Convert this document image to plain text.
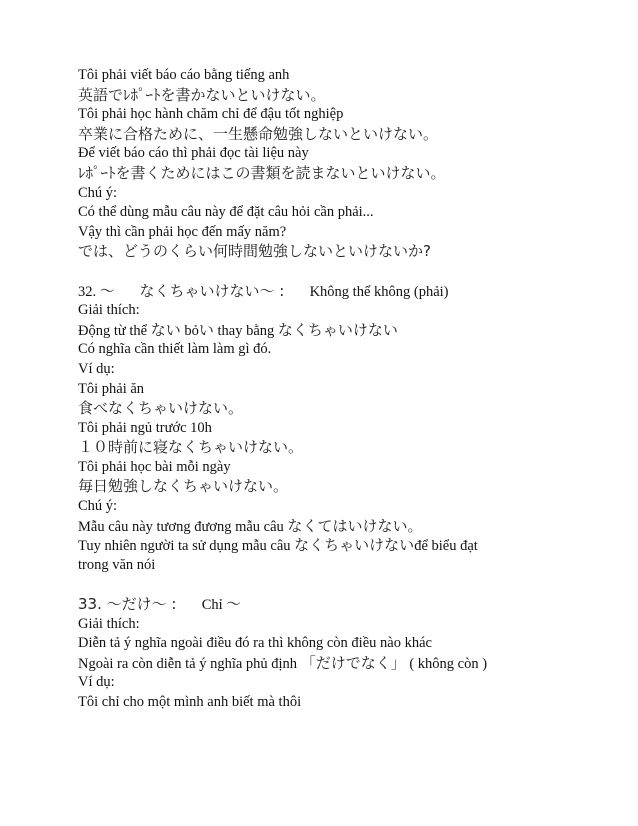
Tôi phải viết báo cáo bằng tiếng anh
英語でﾚﾎﾟｰﾄを書かないといけない。
Tôi phải học hành chăm chỉ để đậu tốt nghiệp
卒業に合格ために、一生懸命勉強しないといけない。
Để viết báo cáo thì phải đọc tài liệu này
ﾚﾎﾟｰﾄを書くためにはこの書類を読まないといけない。
Chú ý:
Có thể dùng mẫu câu này để đặt câu hỏi cần phải...
Vậy thì cần phải học đến mấy năm?
では、どうのくらい何時間勉強しないといけないか?
32. ～ なくちゃいけない～ : Không thể không (phải)
Giải thích:
Động từ thể ない bỏい thay bằng なくちゃいけない
Có nghĩa cần thiết làm làm gì đó.
Ví dụ:
Tôi phải ăn
食べなくちゃいけない。
Tôi phải ngủ trước 10h
１０時前に寝なくちゃいけない。
Tôi phải học bài mỗi ngày
毎日勉強しなくちゃいけない。
Chú ý:
Mẫu câu này tương đương mẫu câu なくてはいけない。
Tuy nhiên người ta sử dụng mẫu câu なくちゃいけないđể biểu đạt
trong văn nói
33. ～だけ～ : Chỉ ～
Giải thích:
Diễn tả ý nghĩa ngoài điều đó ra thì không còn điều nào khác
Ngoài ra còn diễn tả ý nghĩa phủ định 「だけでなく」 ( không còn )
Ví dụ:
Tôi chỉ cho một mình anh biết mà thôi
